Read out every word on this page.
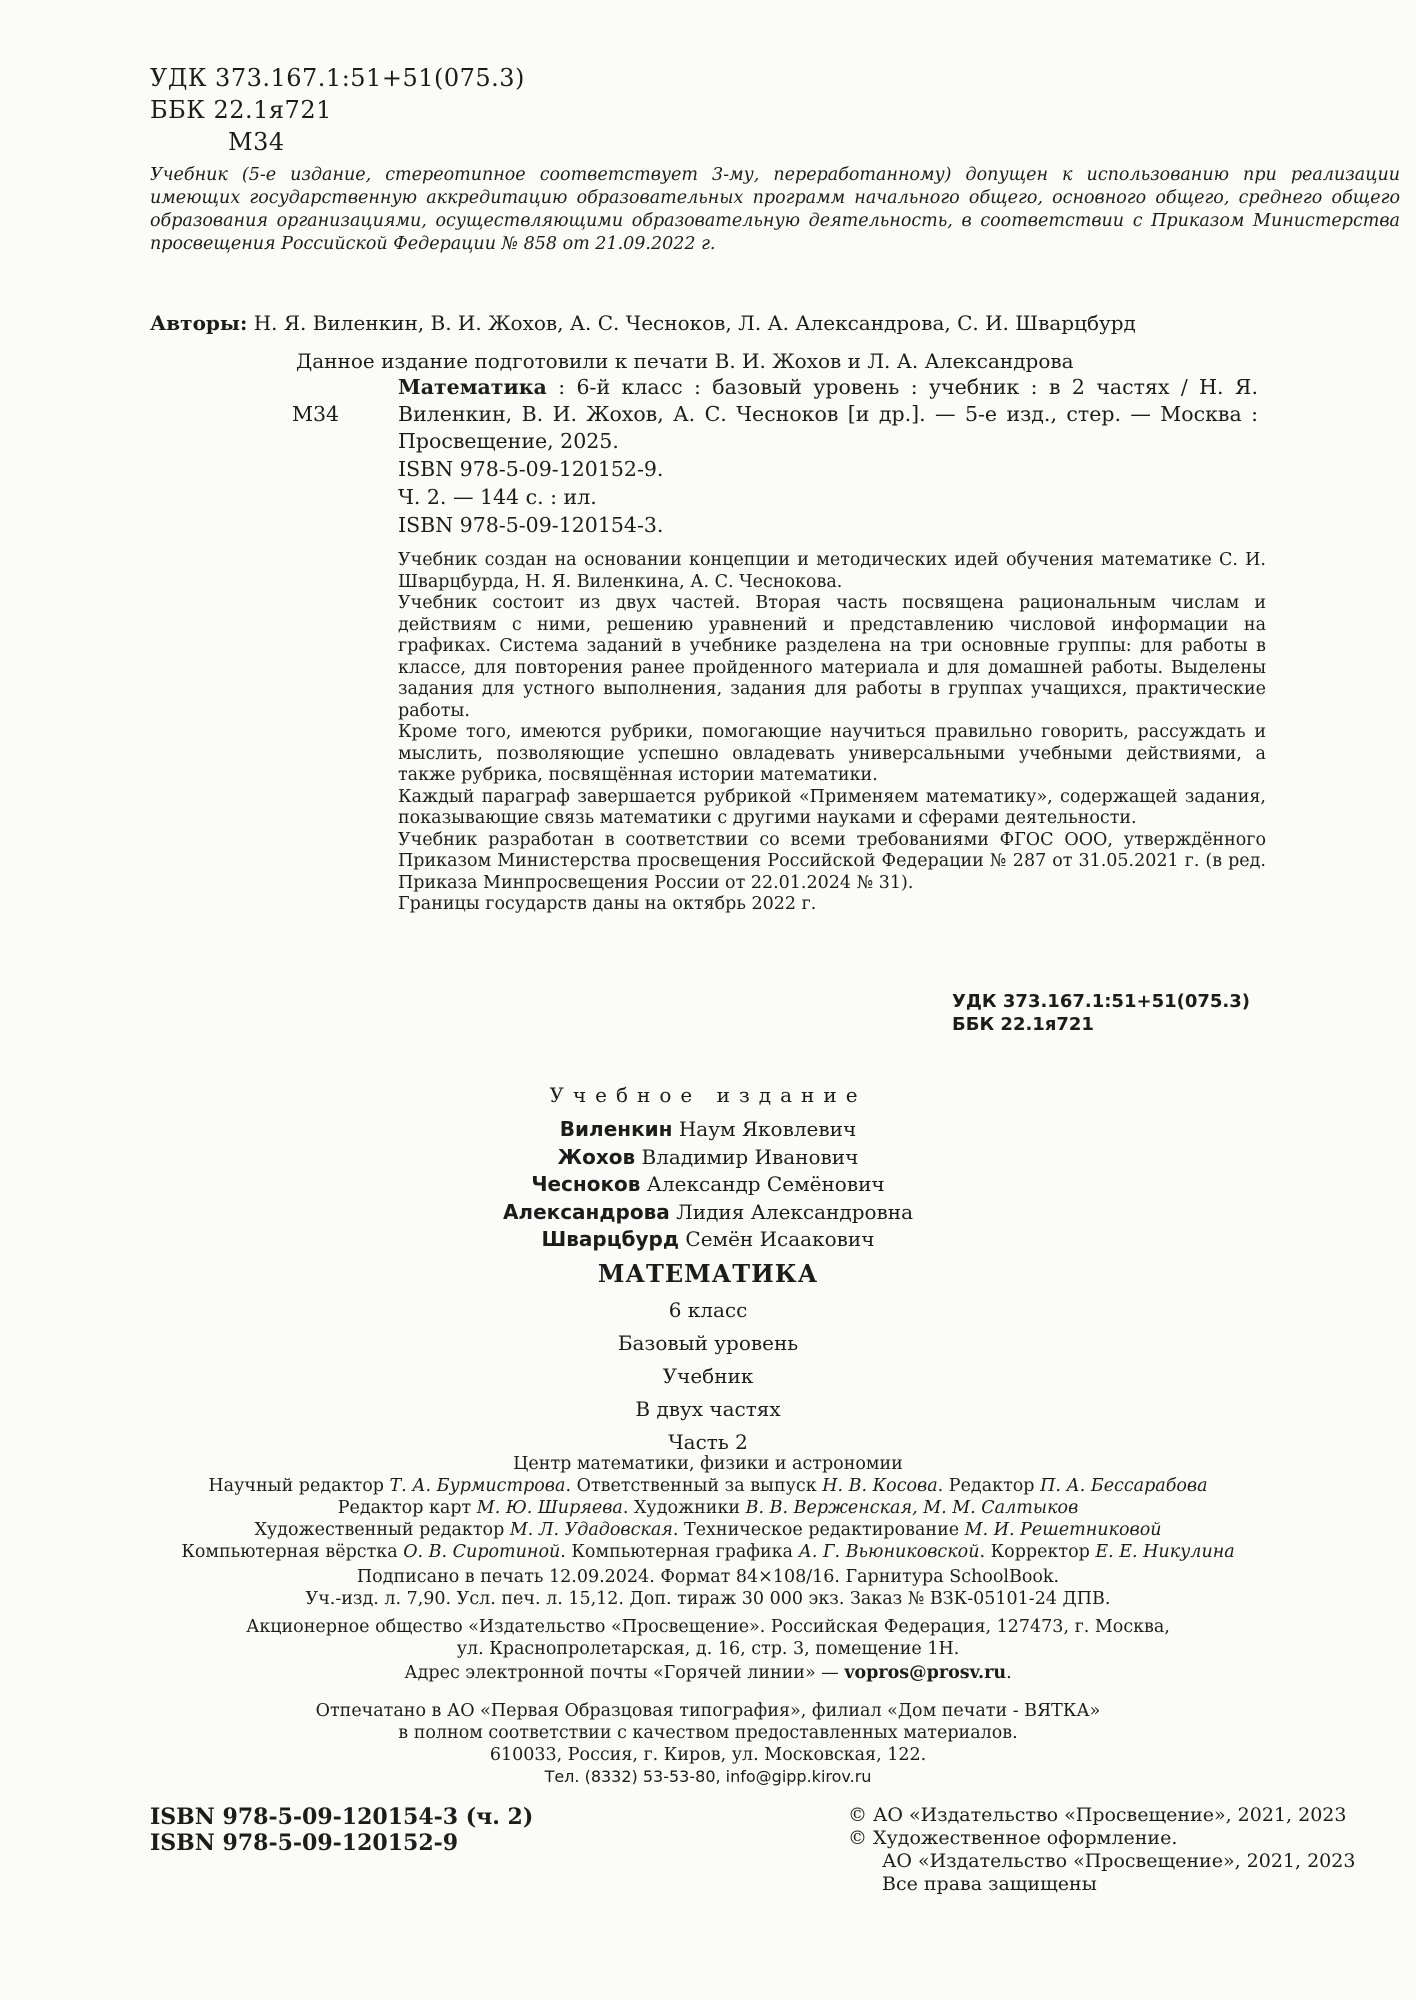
УДК 373.167.1:51+51(075.3)
ББК 22.1я721
М34
Учебник (5-е издание, стереотипное соответствует 3-му, переработанному) допущен к использованию при реализации имеющих государственную аккредитацию образовательных программ начального общего, основного общего, среднего общего образования организациями, осуществляющими образовательную деятельность, в соответствии с Приказом Министерства просвещения Российской Федерации № 858 от 21.09.2022 г.
Авторы: Н. Я. Виленкин, В. И. Жохов, А. С. Чесноков, Л. А. Александрова, С. И. Шварцбурд
Данное издание подготовили к печати В. И. Жохов и Л. А. Александрова
М34
Математика : 6-й класс : базовый уровень : учебник : в 2 частях / Н. Я. Виленкин, В. И. Жохов, А. С. Чесноков [и др.]. — 5-е изд., стер. — Москва : Просвещение, 2025.
ISBN 978-5-09-120152-9.
Ч. 2. — 144 с. : ил.
ISBN 978-5-09-120154-3.

Учебник создан на основании концепции и методических идей обучения математике С. И. Шварцбурда, Н. Я. Виленкина, А. С. Чеснокова.

Учебник состоит из двух частей. Вторая часть посвящена рациональным числам и действиям с ними, решению уравнений и представлению числовой информации на графиках. Система заданий в учебнике разделена на три основные группы: для работы в классе, для повторения ранее пройденного материала и для домашней работы. Выделены задания для устного выполнения, задания для работы в группах учащихся, практические работы.

Кроме того, имеются рубрики, помогающие научиться правильно говорить, рассуждать и мыслить, позволяющие успешно овладевать универсальными учебными действиями, а также рубрика, посвящённая истории математики.

Каждый параграф завершается рубрикой «Применяем математику», содержащей задания, показывающие связь математики с другими науками и сферами деятельности.

Учебник разработан в соответствии со всеми требованиями ФГОС ООО, утверждённого Приказом Министерства просвещения Российской Федерации № 287 от 31.05.2021 г. (в ред. Приказа Минпросвещения России от 22.01.2024 № 31).

Границы государств даны на октябрь 2022 г.

УДК 373.167.1:51+51(075.3)
ББК 22.1я721
Учебное издание
Виленкин Наум Яковлевич
Жохов Владимир Иванович
Чесноков Александр Семёнович
Александрова Лидия Александровна
Шварцбурд Семён Исаакович
МАТЕМАТИКА
6 класс
Базовый уровень
Учебник
В двух частях
Часть 2
Центр математики, физики и астрономии
Научный редактор Т. А. Бурмистрова. Ответственный за выпуск Н. В. Косова. Редактор П. А. Бессарабова
Редактор карт М. Ю. Ширяева. Художники В. В. Верженская, М. М. Салтыков
Художественный редактор М. Л. Удадовская. Техническое редактирование М. И. Решетниковой
Компьютерная вёрстка О. В. Сиротиной. Компьютерная графика А. Г. Вьюниковской. Корректор Е. Е. Никулина
Подписано в печать 12.09.2024. Формат 84×108/16. Гарнитура SchoolBook.
Уч.-изд. л. 7,90. Усл. печ. л. 15,12. Доп. тираж 30 000 экз. Заказ № ВЗК-05101-24 ДПВ.
Акционерное общество «Издательство «Просвещение». Российская Федерация, 127473, г. Москва,
ул. Краснопролетарская, д. 16, стр. 3, помещение 1Н.
Адрес электронной почты «Горячей линии» — vopros@prosv.ru.
Отпечатано в АО «Первая Образцовая типография», филиал «Дом печати - ВЯТКА»
в полном соответствии с качеством предоставленных материалов.
610033, Россия, г. Киров, ул. Московская, 122.
Тел. (8332) 53-53-80, info@gipp.kirov.ru
ISBN 978-5-09-120154-3 (ч. 2)
ISBN 978-5-09-120152-9
© АО «Издательство «Просвещение», 2021, 2023
© Художественное оформление.
АО «Издательство «Просвещение», 2021, 2023
Все права защищены
